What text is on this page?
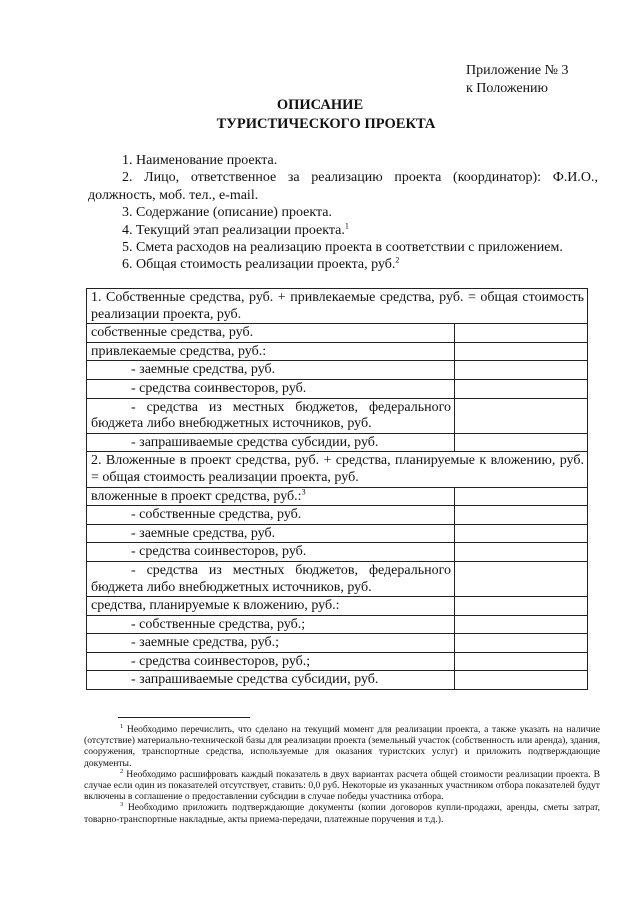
Приложение № 3
к Положению
ОПИСАНИЕ
ТУРИСТИЧЕСКОГО ПРОЕКТА

1. Наименование проекта.

2. Лицо, ответственное за реализацию проекта (координатор): Ф.И.О., должность, моб. тел., e-mail.

3. Содержание (описание) проекта.

4. Текущий этап реализации проекта.$^1$

5. Смета расходов на реализацию проекта в соответствии с приложением.

6. Общая стоимость реализации проекта, руб.$^2$

1. Собственные средства, руб. + привлекаемые средства, руб. = общая стоимость реализации проекта, руб.	
собственные средства, руб.	
привлекаемые средства, руб.:	
- заемные средства, руб.	
- средства соинвесторов, руб.	
- средства из местных бюджетов, федерального бюджета либо внебюджетных источников, руб.	
- запрашиваемые средства субсидии, руб.	
2. Вложенные в проект средства, руб. + средства, планируемые к вложению, руб. = общая стоимость реализации проекта, руб.	
вложенные в проект средства, руб.:$^3$	
- собственные средства, руб.	
- заемные средства, руб.	
- средства соинвесторов, руб.	
- средства из местных бюджетов, федерального бюджета либо внебюджетных источников, руб.	
средства, планируемые к вложению, руб.:	
- собственные средства, руб.;	
- заемные средства, руб.;	
- средства соинвесторов, руб.;	
- запрашиваемые средства субсидии, руб.	

$^1$ Необходимо перечислить, что сделано на текущий момент для реализации проекта, а также указать на наличие (отсутствие) материально-технической базы для реализации проекта (земельный участок (собственность или аренда), здания, сооружения, транспортные средства, используемые для оказания туристских услуг) и приложить подтверждающие документы.

$^2$ Необходимо расшифровать каждый показатель в двух вариантах расчета общей стоимости реализации проекта. В случае если один из показателей отсутствует, ставить: 0,0 руб. Некоторые из указанных участником отбора показателей будут включены в соглашение о предоставлении субсидии в случае победы участника отбора.

$^3$ Необходимо приложить подтверждающие документы (копии договоров купли-продажи, аренды, сметы затрат, товарно-транспортные накладные, акты приема-передачи, платежные поручения и т.д.).
